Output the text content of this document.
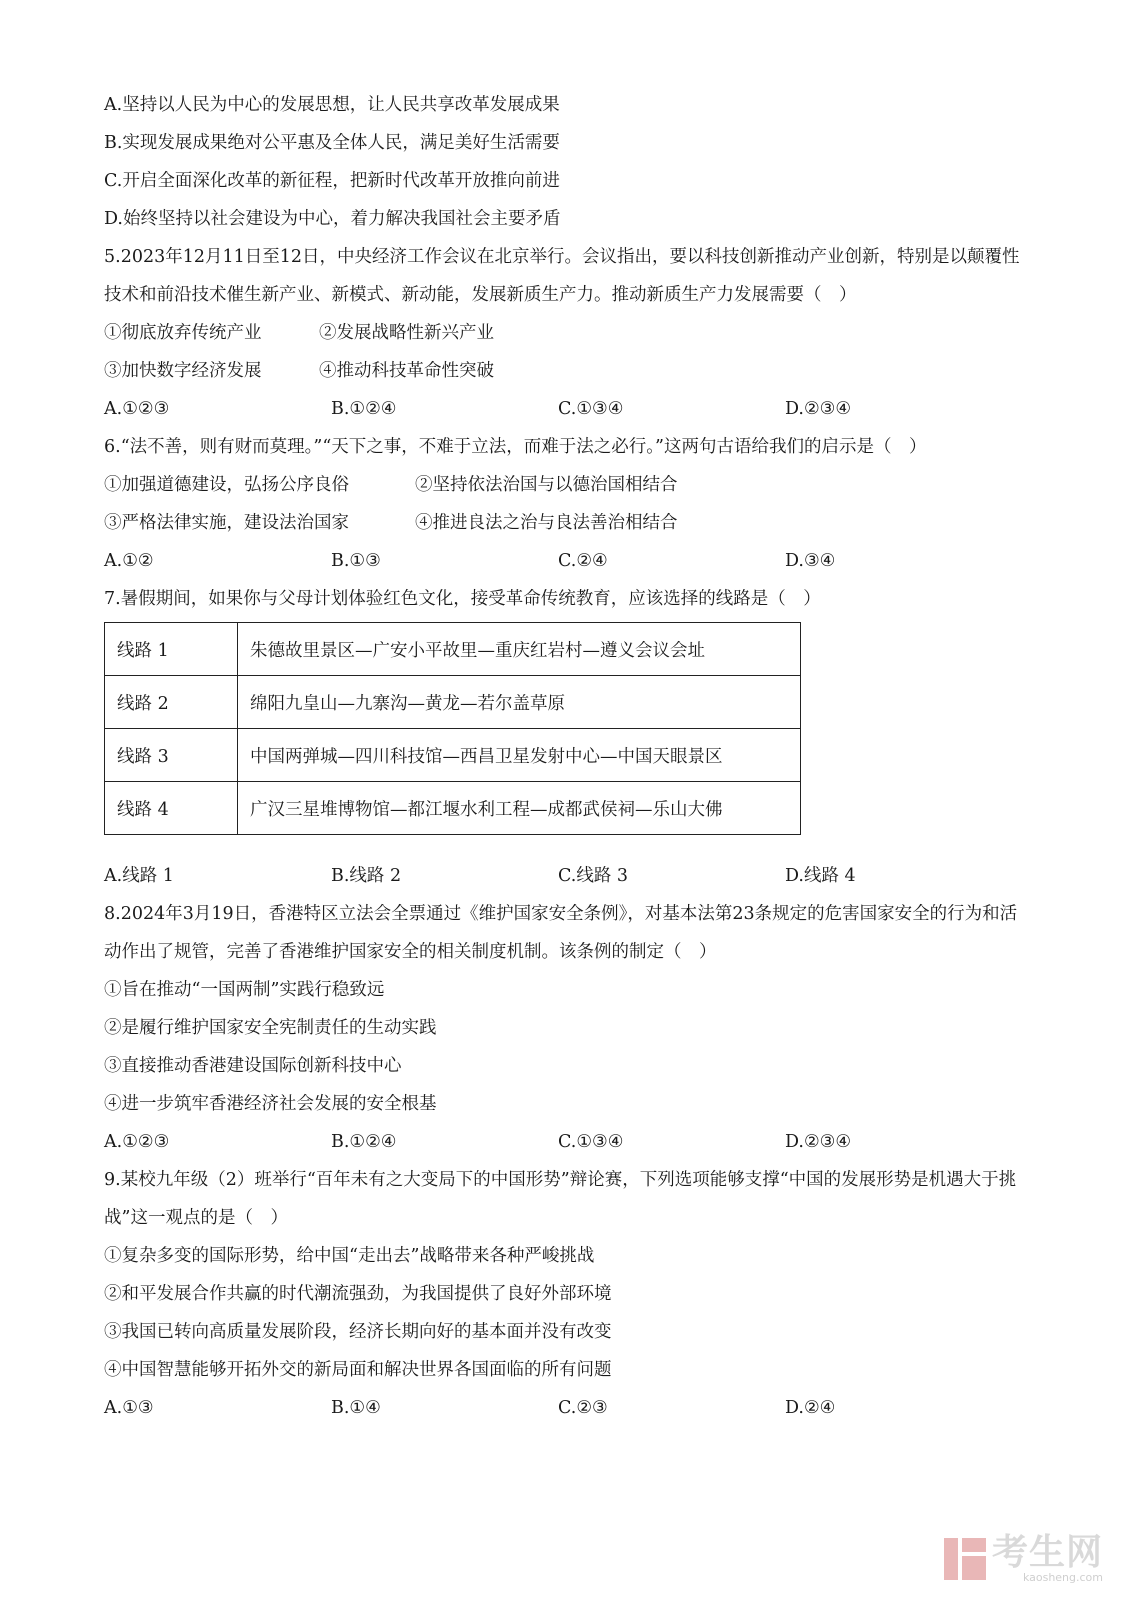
A.坚持以人民为中心的发展思想，让人民共享改革发展成果
B.实现发展成果绝对公平惠及全体人民，满足美好生活需要
C.开启全面深化改革的新征程，把新时代改革开放推向前进
D.始终坚持以社会建设为中心，着力解决我国社会主要矛盾
5.2023年12月11日至12日，中央经济工作会议在北京举行。会议指出，要以科技创新推动产业创新，特别是以颠覆性技术和前沿技术催生新产业、新模式、新动能，发展新质生产力。推动新质生产力发展需要（　）
①彻底放弃传统产业	②发展战略性新兴产业
③加快数字经济发展	④推动科技革命性突破
A.①②③	B.①②④	C.①③④	D.②③④
6.“法不善，则有财而莫理。”“天下之事，不难于立法，而难于法之必行。”这两句古语给我们的启示是（　）
①加强道德建设，弘扬公序良俗	②坚持依法治国与以德治国相结合
③严格法律实施，建设法治国家	④推进良法之治与良法善治相结合
A.①②	B.①③	C.②④	D.③④
7.暑假期间，如果你与父母计划体验红色文化，接受革命传统教育，应该选择的线路是（　）
线路 1	朱德故里景区—广安小平故里—重庆红岩村—遵义会议会址
线路 2	绵阳九皇山—九寨沟—黄龙—若尔盖草原
线路 3	中国两弹城—四川科技馆—西昌卫星发射中心—中国天眼景区
线路 4	广汉三星堆博物馆—都江堰水利工程—成都武侯祠—乐山大佛
A.线路 1	B.线路 2	C.线路 3	D.线路 4
8.2024年3月19日，香港特区立法会全票通过《维护国家安全条例》，对基本法第23条规定的危害国家安全的行为和活动作出了规管，完善了香港维护国家安全的相关制度机制。该条例的制定（　）
①旨在推动“一国两制”实践行稳致远
②是履行维护国家安全宪制责任的生动实践
③直接推动香港建设国际创新科技中心
④进一步筑牢香港经济社会发展的安全根基
A.①②③	B.①②④	C.①③④	D.②③④
9.某校九年级（2）班举行“百年未有之大变局下的中国形势”辩论赛，下列选项能够支撑“中国的发展形势是机遇大于挑战”这一观点的是（　）
①复杂多变的国际形势，给中国“走出去”战略带来各种严峻挑战
②和平发展合作共赢的时代潮流强劲，为我国提供了良好外部环境
③我国已转向高质量发展阶段，经济长期向好的基本面并没有改变
④中国智慧能够开拓外交的新局面和解决世界各国面临的所有问题
A.①③	B.①④	C.②③	D.②④
考生网
kaosheng.com
